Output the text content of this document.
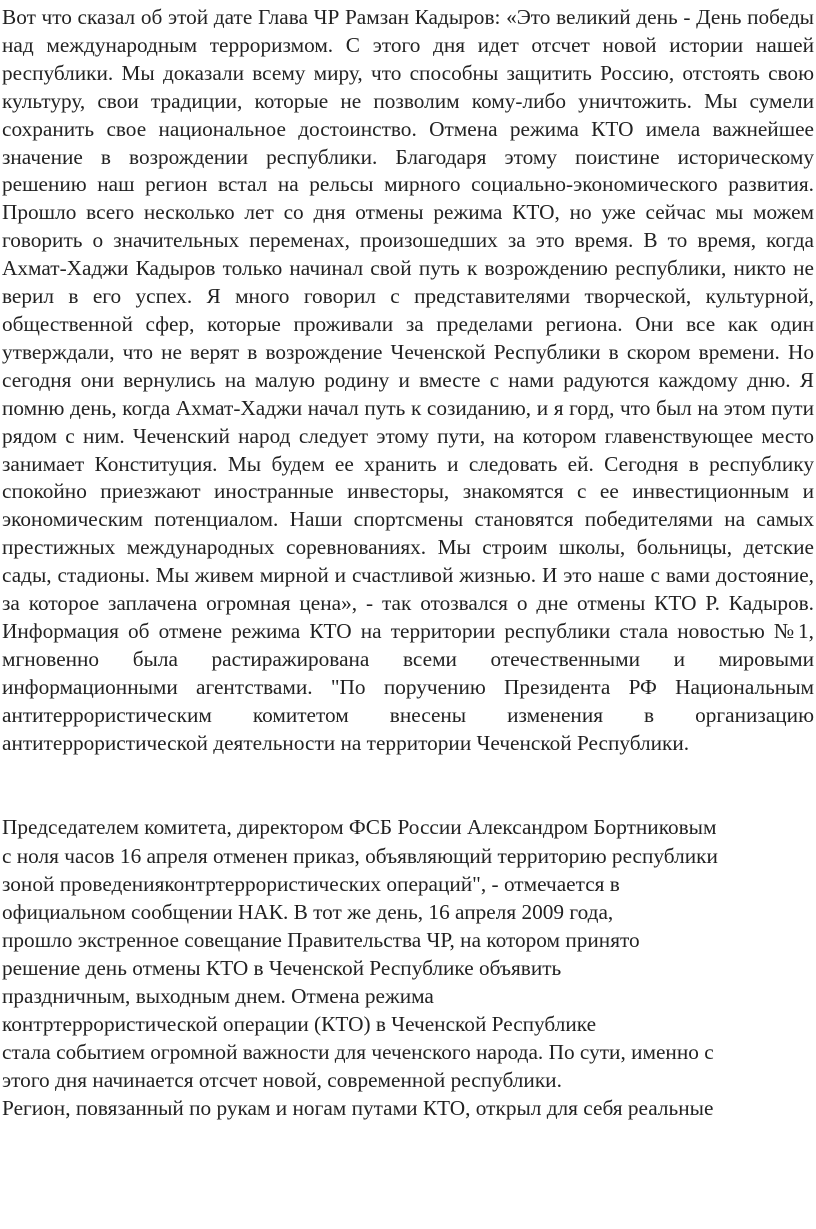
Вот что сказал об этой дате Глава ЧР Рамзан Кадыров: «Это великий день - День победы над международным терроризмом. С этого дня идет отсчет новой истории нашей республики. Мы доказали всему миру, что способны защитить Россию, отстоять свою культуру, свои традиции, которые не позволим кому-либо уничтожить. Мы сумели сохранить свое национальное достоинство. Отмена режима КТО имела важнейшее значение в возрождении республики. Благодаря этому поистине историческому решению наш регион встал на рельсы мирного социально-экономического развития. Прошло всего несколько лет со дня отмены режима КТО, но уже сейчас мы можем говорить о значительных переменах, произошедших за это время. В то время, когда Ахмат-Хаджи Кадыров только начинал свой путь к возрождению республики, никто не верил в его успех. Я много говорил с представителями творческой, культурной, общественной сфер, которые проживали за пределами региона. Они все как один утверждали, что не верят в возрождение Чеченской Республики в скором времени. Но сегодня они вернулись на малую родину и вместе с нами радуются каждому дню. Я помню день, когда Ахмат-Хаджи начал путь к созиданию, и я горд, что был на этом пути рядом с ним. Чеченский народ следует этому пути, на котором главенствующее место занимает Конституция. Мы будем ее хранить и следовать ей. Сегодня в республику спокойно приезжают иностранные инвесторы, знакомятся с ее инвестиционным и экономическим потенциалом. Наши спортсмены становятся победителями на самых престижных международных соревнованиях. Мы строим школы, больницы, детские сады, стадионы. Мы живем мирной и счастливой жизнью. И это наше с вами достояние, за которое заплачена огромная цена», - так отозвался о дне отмены КТО Р. Кадыров. Информация об отмене режима КТО на территории республики стала новостью №1, мгновенно была растиражирована всеми отечественными и мировыми информационными агентствами. "По поручению Президента РФ Национальным антитеррористическим комитетом внесены изменения в организацию антитеррористической деятельности на территории Чеченской Республики.

Председателем комитета, директором ФСБ России Александром Бортниковым
с ноля часов 16 апреля отменен приказ, объявляющий территорию республики
зоной проведенияконтртеррористических операций", - отмечается в
официальном сообщении НАК. В тот же день, 16 апреля 2009 года,
прошло экстренное совещание Правительства ЧР, на котором принято
решение день отмены КТО в Чеченской Республике объявить
праздничным, выходным днем. Отмена режима
контртеррористической операции (КТО) в Чеченской Республике
стала событием огромной важности для чеченского народа. По сути, именно с
этого дня начинается отсчет новой, современной республики.
Регион, повязанный по рукам и ногам путами КТО, открыл для себя реальные
